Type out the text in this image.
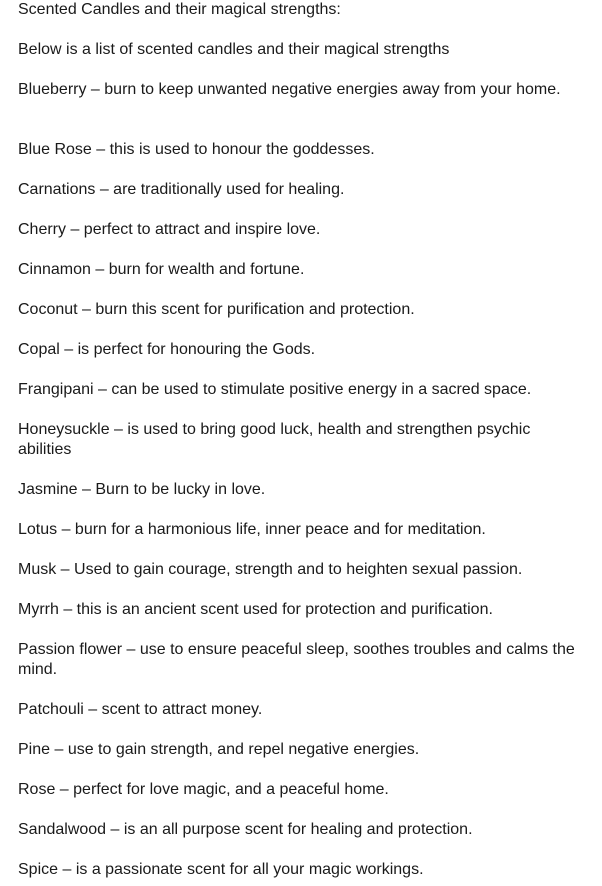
Scented Candles and their magical strengths:

Below is a list of scented candles and their magical strengths

Blueberry – burn to keep unwanted negative energies away from your home.

Blue Rose – this is used to honour the goddesses.

Carnations – are traditionally used for healing.

Cherry – perfect to attract and inspire love.

Cinnamon – burn for wealth and fortune.

Coconut – burn this scent for purification and protection.

Copal – is perfect for honouring the Gods.

Frangipani – can be used to stimulate positive energy in a sacred space.

Honeysuckle – is used to bring good luck, health and strengthen psychic abilities

Jasmine – Burn to be lucky in love.

Lotus – burn for a harmonious life, inner peace and for meditation.

Musk – Used to gain courage, strength and to heighten sexual passion.

Myrrh – this is an ancient scent used for protection and purification.

Passion flower – use to ensure peaceful sleep, soothes troubles and calms the mind.

Patchouli – scent to attract money.

Pine – use to gain strength, and repel negative energies.

Rose – perfect for love magic, and a peaceful home.

Sandalwood – is an all purpose scent for healing and protection.

Spice – is a passionate scent for all your magic workings.
